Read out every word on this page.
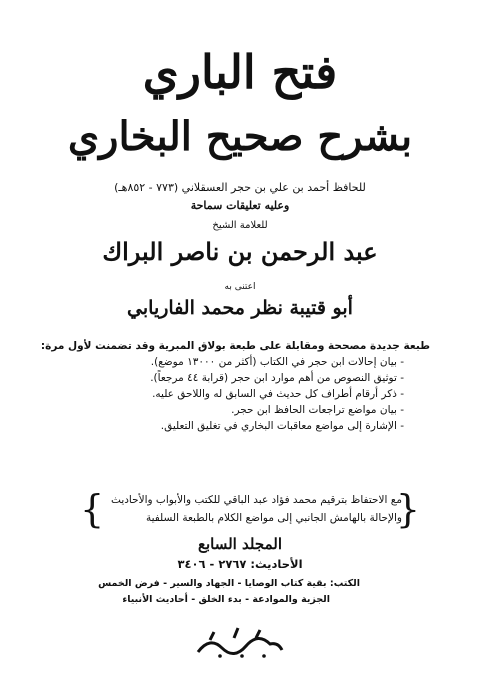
فتح الباري
بشرح صحيح البخاري
للحافظ أحمد بن علي بن حجر العسقلاني (٧٧٣ - ٨٥٢هـ)
وعليه تعليقات سماحة
للعلامة الشيخ
عبد الرحمن بن ناصر البراك
اعتنى به
أبو قتيبة نظر محمد الفاريابي
طبعة جديدة مصححة ومقابلة على طبعة بولاق المبرية وقد تضمنت لأول مرة:
- بيان إحالات ابن حجر في الكتاب (أكثر من ١٣٠٠٠ موضع).
- توثيق النصوص من أهم موارد ابن حجر (قرابة ٤٤ مرجعاً).
- ذكر أرقام أطراف كل حديث في السابق له واللاحق عليه.
- بيان مواضع تراجعات الحافظ ابن حجر.
- الإشارة إلى مواضع معاقبات البخاري في تغليق التعليق.
{
مع الاحتفاظ بترقيم محمد فؤاد عبد الباقي للكتب والأبواب والأحاديث
والإحالة بالهامش الجانبي إلى مواضع الكلام بالطبعة السلفية
}
المجلد السابع
الأحاديث: ٢٧٦٧ - ٣٤٠٦
الكتب: بقية كتاب الوصايا - الجهاد والسير - فرض الخمس
الجزية والموادعة - بدء الخلق - أحاديث الأنبياء
